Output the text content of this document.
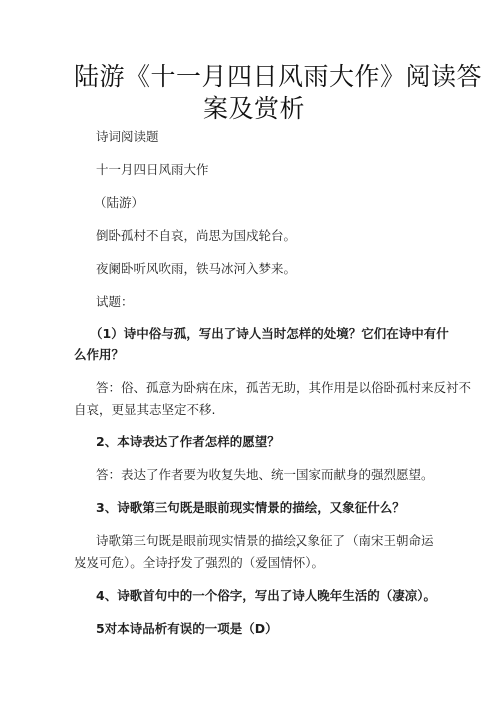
陆游《十一月四日风雨大作》阅读答
案及赏析
诗词阅读题
十一月四日风雨大作
（陆游）
倒卧孤村不自哀，尚思为国戍轮台。
夜阑卧听风吹雨，铁马冰河入梦来。
试题：
（1）诗中俗与孤，写出了诗人当时怎样的处境？它们在诗中有什
么作用？
答：俗、孤意为卧病在床，孤苦无助，其作用是以俗卧孤村来反衬不
自哀，更显其志坚定不移.
2、本诗表达了作者怎样的愿望？
答：表达了作者要为收复失地、统一国家而献身的强烈愿望。
3、诗歌第三句既是眼前现实情景的描绘，又象征什么？
诗歌第三句既是眼前现实情景的描绘，
又象征了 （南宋王朝命运
岌岌可危）。全诗抒发了强烈的（爱国情怀）。
4、诗歌首句中的一个俗字，写出了诗人晚年生活的（凄凉）。
5对本诗品析有误的一项是（D）
